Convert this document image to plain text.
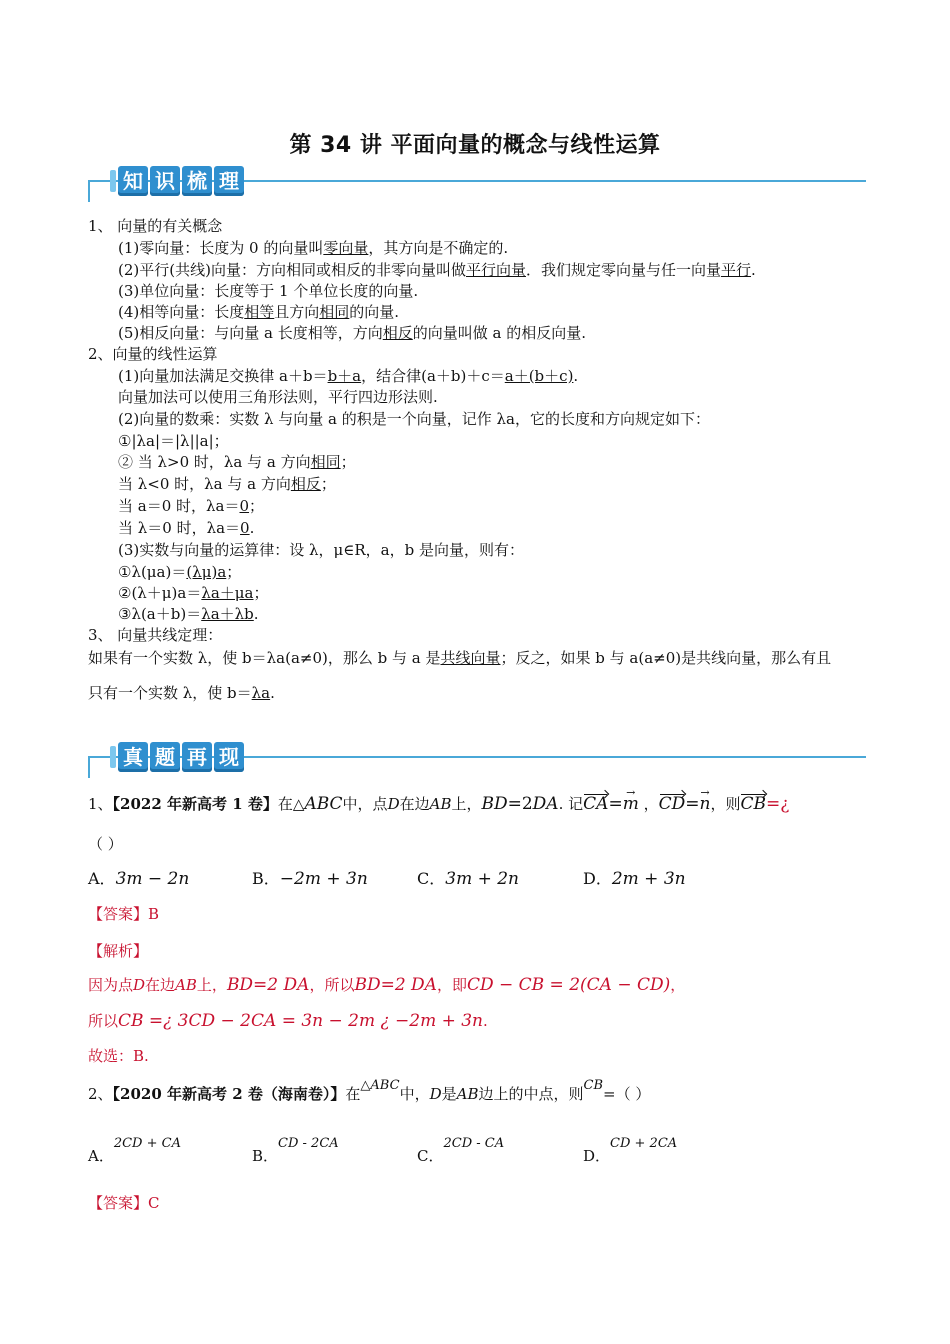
第 34 讲 平面向量的概念与线性运算
知 识 梳 理
1、 向量的有关概念
(1)零向量：长度为 0 的向量叫零向量，其方向是不确定的.
(2)平行(共线)向量：方向相同或相反的非零向量叫做平行向量．我们规定零向量与任一向量平行.
(3)单位向量：长度等于 1 个单位长度的向量.
(4)相等向量：长度相等且方向相同的向量.
(5)相反向量：与向量 a 长度相等，方向相反的向量叫做 a 的相反向量.
2、向量的线性运算
(1)向量加法满足交换律 a＋b＝b＋a，结合律(a＋b)＋c＝a＋(b＋c).
向量加法可以使用三角形法则，平行四边形法则.
(2)向量的数乘：实数 λ 与向量 a 的积是一个向量，记作 λa，它的长度和方向规定如下：
①|λa|＝|λ||a|；
② 当 λ>0 时，λa 与 a 方向相同；
当 λ<0 时，λa 与 a 方向相反；
当 a＝0 时，λa＝0；
当 λ＝0 时，λa＝0.
(3)实数与向量的运算律：设 λ，μ∈R，a，b 是向量，则有：
①λ(μa)＝(λμ)a；
②(λ＋μ)a＝λa＋μa；
③λ(a＋b)＝λa＋λb.
3、 向量共线定理：
如果有一个实数 λ，使 b＝λa(a≠0)，那么 b 与 a 是共线向量；反之，如果 b 与 a(a≠0)是共线向量，那么有且
只有一个实数 λ，使 b＝λa.
真 题 再 现
1、【2022 年新高考 1 卷】在△ABC中，点D在边AB上，BD=2DA. 记CA=→ m ，CD=→ n，则CB=¿
（ ）
A．3m − 2n	B．−2m + 3n	C．3m + 2n	D．2m + 3n
【答案】B
【解析】
因为点D在边AB上，BD=2 DA，所以BD=2 DA，即CD − CB = 2(CA − CD)，
所以CB =¿ 3CD − 2CA = 3n − 2m ¿ −2m + 3n.
故选：B.
2、【2020 年新高考 2 卷（海南卷）】在△ABC中，D是AB边上的中点，则CB=（ ）
A．2CD + CA
B．CD - 2CA
C．2CD - CA
D．CD + 2CA
【答案】C
